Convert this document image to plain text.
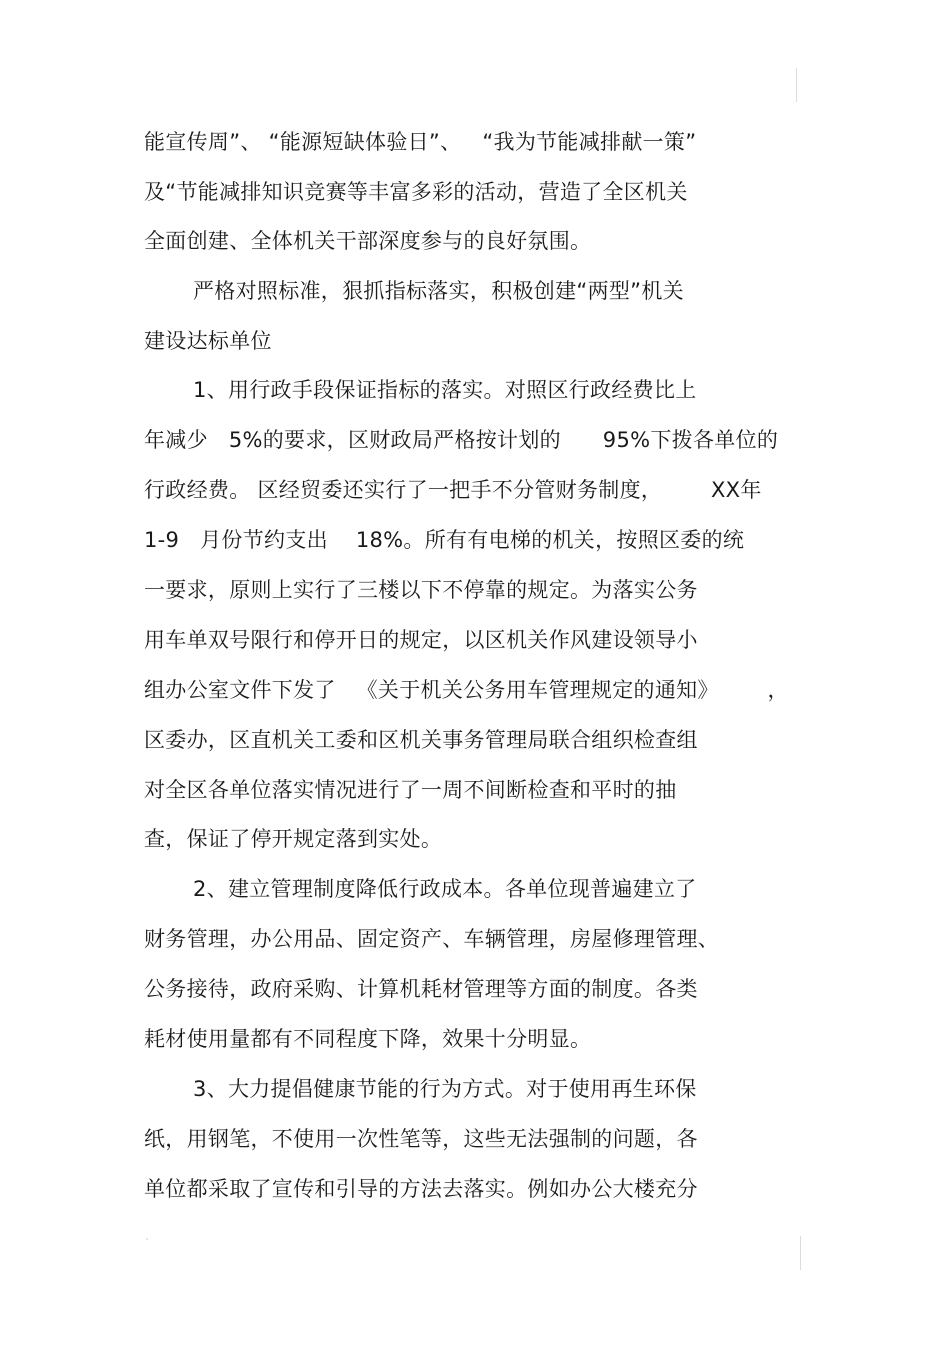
能宣传周”、 “能源短缺体验日”、   “我为节能减排献一策”
及“节能减排知识竞赛等丰富多彩的活动，营造了全区机关
全面创建、全体机关干部深度参与的良好氛围。
严格对照标准，狠抓指标落实，积极创建“两型”机关
建设达标单位
1、用行政手段保证指标的落实。对照区行政经费比上
年减少   5%的要求，区财政局严格按计划的      95%下拨各单位的
行政经费。 区经贸委还实行了一把手不分管财务制度，       XX年
1-9   月份节约支出    18%。所有有电梯的机关，按照区委的统
一要求，原则上实行了三楼以下不停靠的规定。为落实公务
用车单双号限行和停开日的规定，以区机关作风建设领导小
组办公室文件下发了   《关于机关公务用车管理规定的通知》       ，
区委办，区直机关工委和区机关事务管理局联合组织检查组
对全区各单位落实情况进行了一周不间断检查和平时的抽
查，保证了停开规定落到实处。
2、建立管理制度降低行政成本。各单位现普遍建立了
财务管理，办公用品、固定资产、车辆管理，房屋修理管理、
公务接待，政府采购、计算机耗材管理等方面的制度。各类
耗材使用量都有不同程度下降，效果十分明显。
3、大力提倡健康节能的行为方式。对于使用再生环保
纸，用钢笔，不使用一次性笔等，这些无法强制的问题，各
单位都采取了宣传和引导的方法去落实。例如办公大楼充分
